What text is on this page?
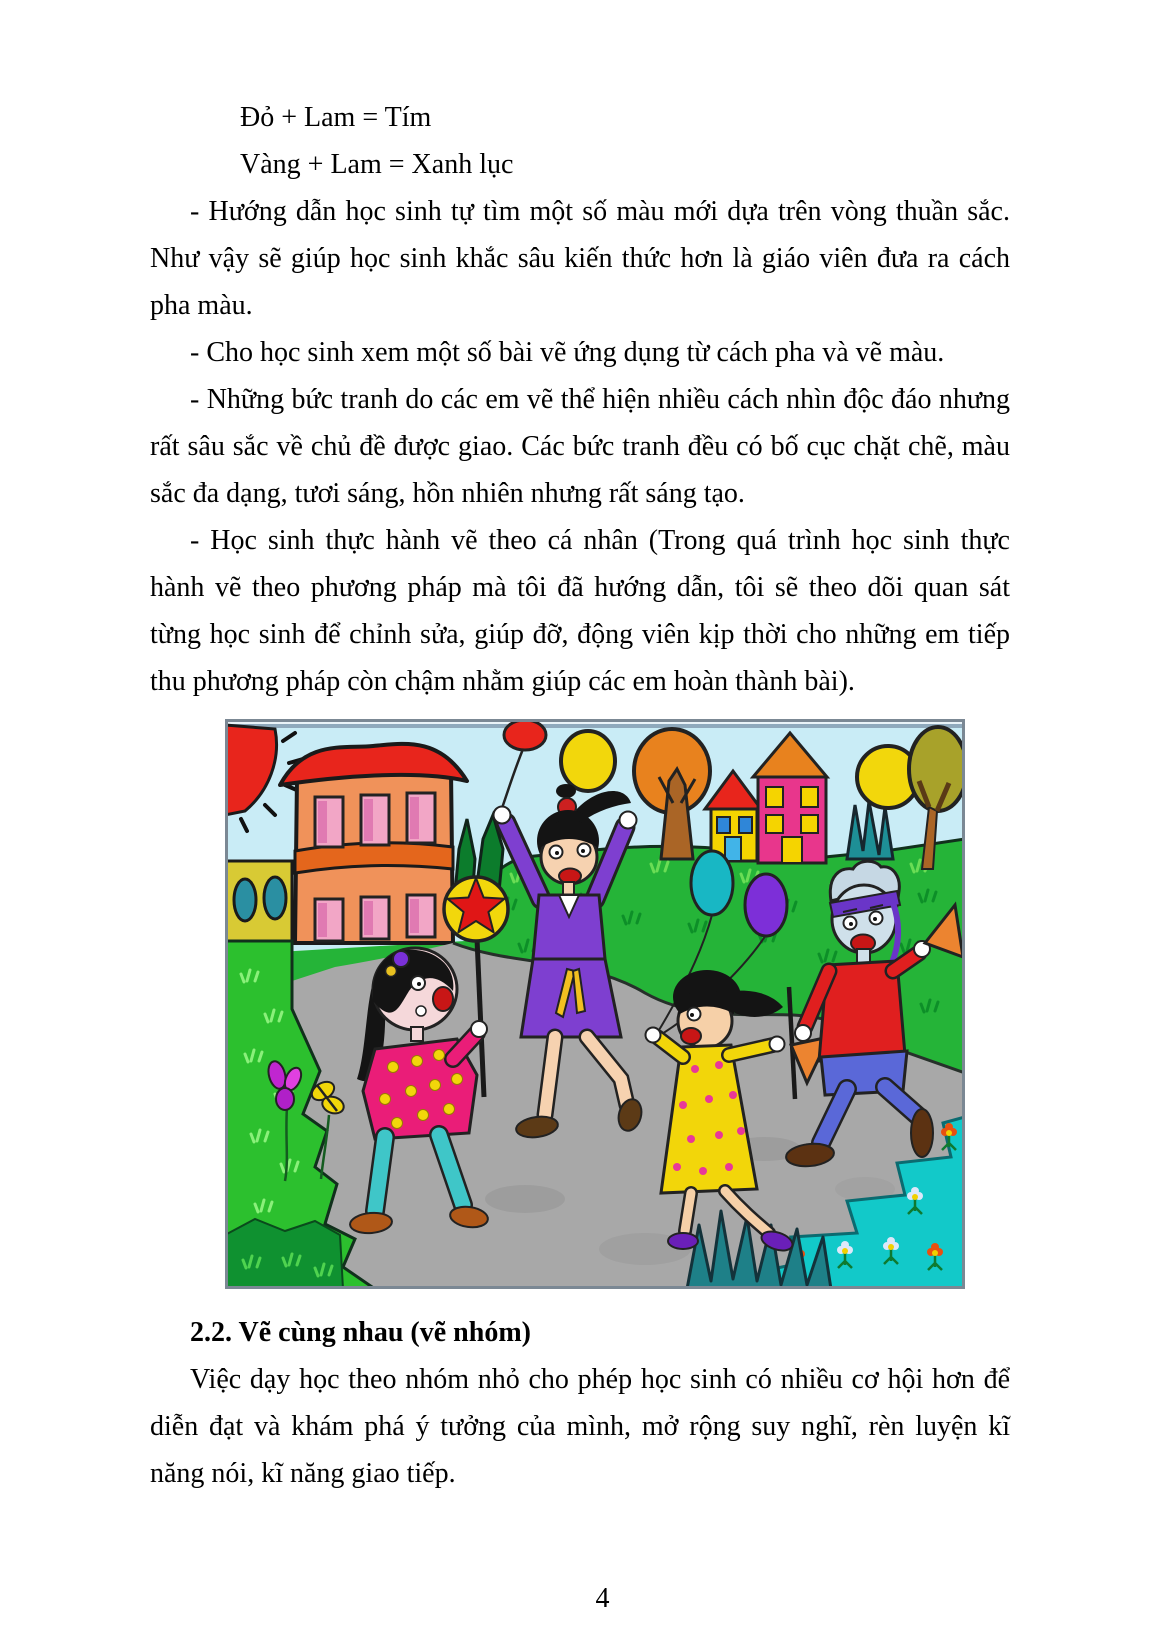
Đỏ + Lam = Tím

Vàng + Lam = Xanh lục

- Hướng dẫn học sinh tự tìm một số màu mới dựa trên vòng thuần sắc. Như vậy sẽ giúp học sinh khắc sâu kiến thức hơn là giáo viên đưa ra cách pha màu.

- Cho học sinh xem một số bài vẽ ứng dụng từ cách pha và vẽ màu.

- Những bức tranh do các em vẽ thể hiện nhiều cách nhìn độc đáo nhưng rất sâu sắc về chủ đề được giao. Các bức tranh đều có bố cục chặt chẽ, màu sắc đa dạng, tươi sáng, hồn nhiên nhưng rất sáng tạo.

- Học sinh thực hành vẽ theo cá nhân (Trong quá trình học sinh thực hành vẽ theo phương pháp mà tôi đã hướng dẫn, tôi sẽ theo dõi quan sát từng học sinh để chỉnh sửa, giúp đỡ, động viên kịp thời cho những em tiếp thu phương pháp còn chậm nhằm giúp các em hoàn thành bài).

2.2. Vẽ cùng nhau (vẽ nhóm)

Việc dạy học theo nhóm nhỏ cho phép học sinh có nhiều cơ hội hơn để diễn đạt và khám phá ý tưởng của mình, mở rộng suy nghĩ, rèn luyện kĩ năng nói, kĩ năng giao tiếp.

4
